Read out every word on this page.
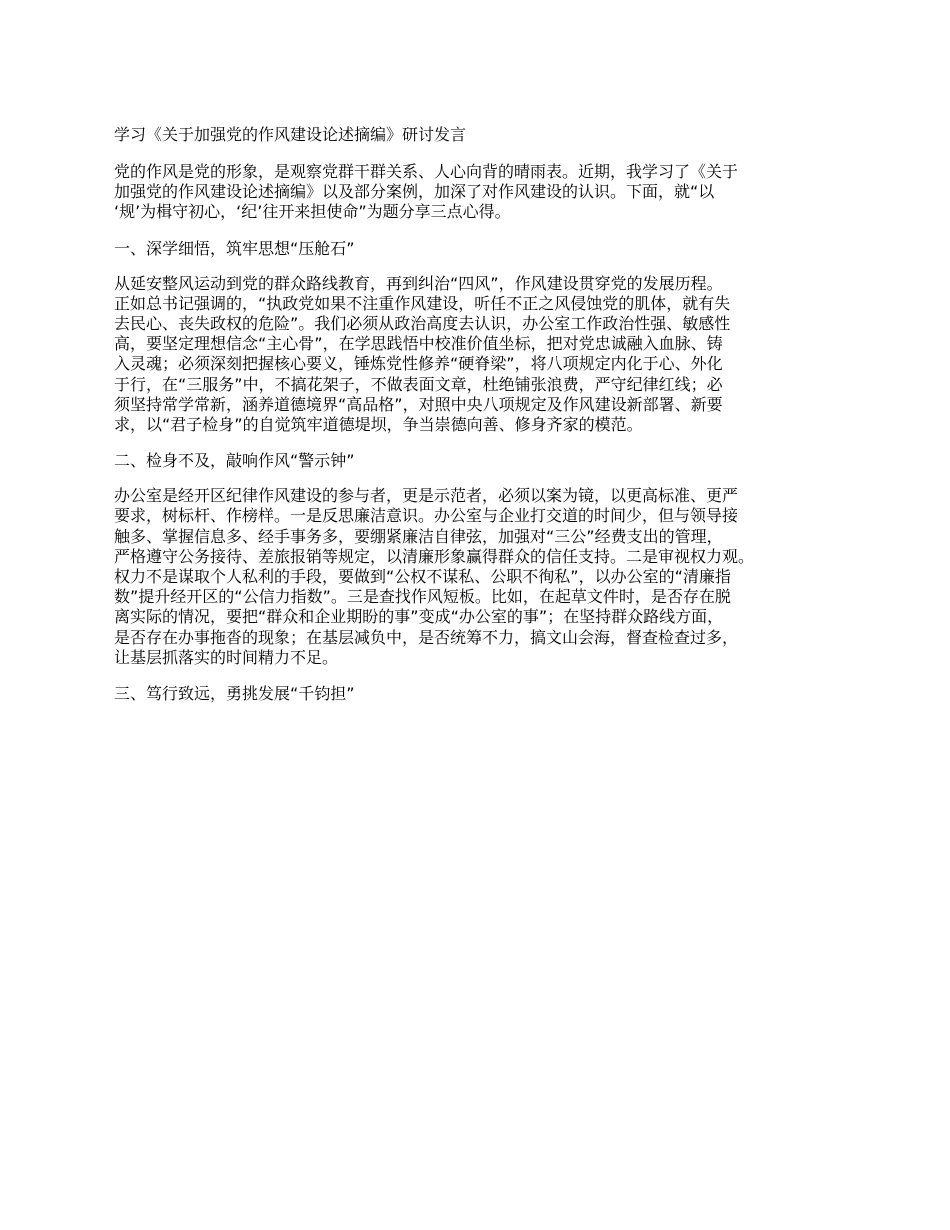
学习《关于加强党的作风建设论述摘编》研讨发言
党的作风是党的形象，是观察党群干群关系、人心向背的晴雨表。近期，我学习了《关于
加强党的作风建设论述摘编》以及部分案例，加深了对作风建设的认识。下面，就“以
‘规’为楫守初心，‘纪’往开来担使命”为题分享三点心得。
一、深学细悟，筑牢思想“压舱石”
从延安整风运动到党的群众路线教育，再到纠治“四风”，作风建设贯穿党的发展历程。
正如总书记强调的，“执政党如果不注重作风建设，听任不正之风侵蚀党的肌体，就有失
去民心、丧失政权的危险”。我们必须从政治高度去认识，办公室工作政治性强、敏感性
高，要坚定理想信念“主心骨”，在学思践悟中校准价值坐标，把对党忠诚融入血脉、铸
入灵魂；必须深刻把握核心要义，锤炼党性修养“硬脊梁”，将八项规定内化于心、外化
于行，在“三服务”中，不搞花架子，不做表面文章，杜绝铺张浪费，严守纪律红线；必
须坚持常学常新，涵养道德境界“高品格”，对照中央八项规定及作风建设新部署、新要
求，以“君子检身”的自觉筑牢道德堤坝，争当崇德向善、修身齐家的模范。
二、检身不及，敲响作风“警示钟”
办公室是经开区纪律作风建设的参与者，更是示范者，必须以案为镜，以更高标准、更严
要求，树标杆、作榜样。一是反思廉洁意识。办公室与企业打交道的时间少，但与领导接
触多、掌握信息多、经手事务多，要绷紧廉洁自律弦，加强对“三公”经费支出的管理，
严格遵守公务接待、差旅报销等规定，以清廉形象赢得群众的信任支持。二是审视权力观。
权力不是谋取个人私利的手段，要做到“公权不谋私、公职不徇私”，以办公室的“清廉指
数”提升经开区的“公信力指数”。三是查找作风短板。比如，在起草文件时，是否存在脱
离实际的情况，要把“群众和企业期盼的事”变成“办公室的事”；在坚持群众路线方面，
是否存在办事拖沓的现象；在基层减负中，是否统筹不力，搞文山会海，督查检查过多，
让基层抓落实的时间精力不足。
三、笃行致远，勇挑发展“千钧担”
